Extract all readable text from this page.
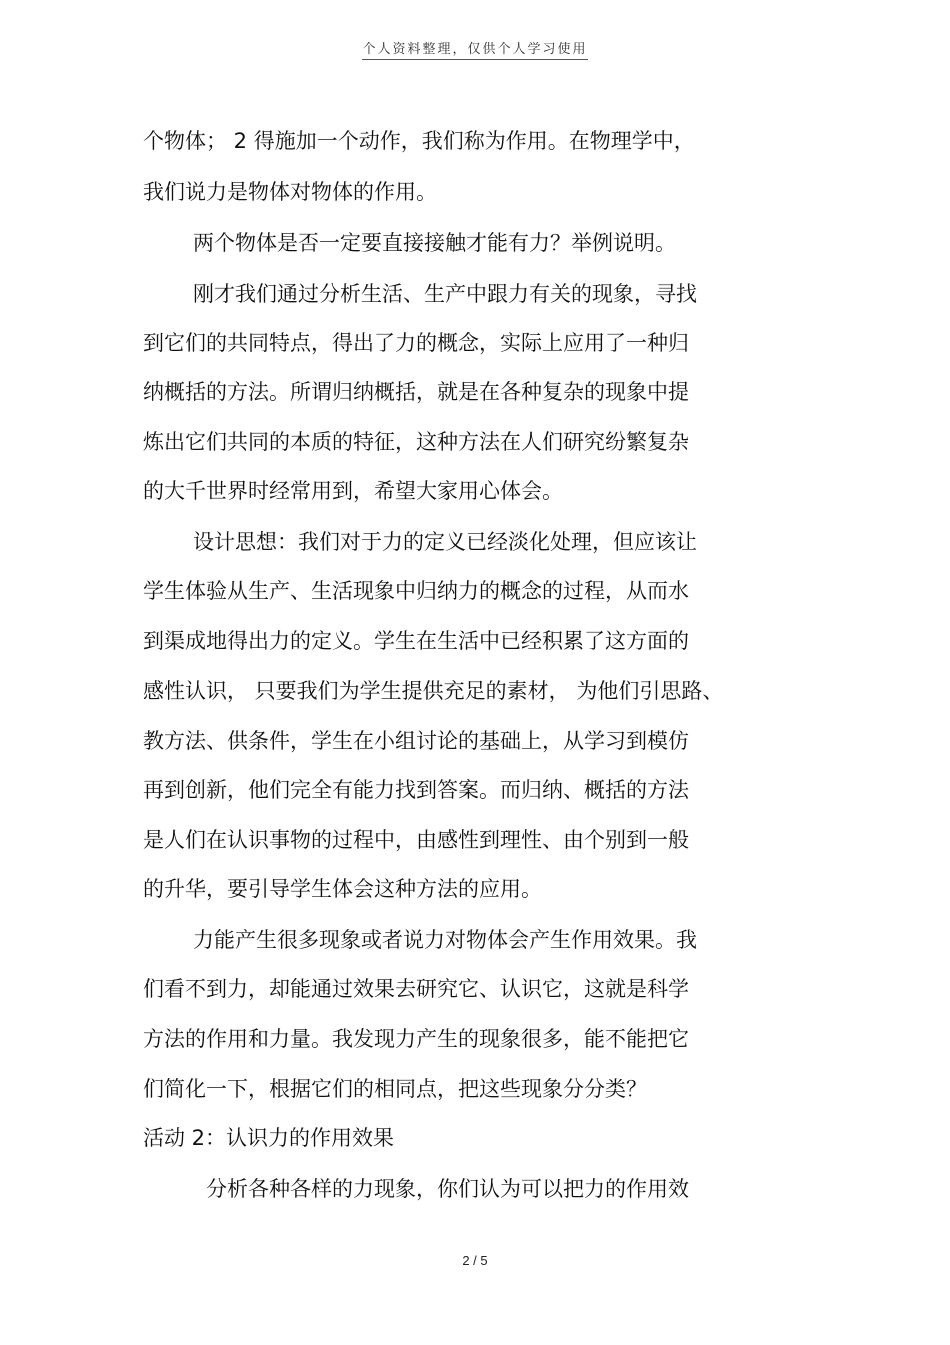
个人资料整理，仅供个人学习使用
个物体； 2 得施加一个动作，我们称为作用。在物理学中，
我们说力是物体对物体的作用。
两个物体是否一定要直接接触才能有力？举例说明。
刚才我们通过分析生活、生产中跟力有关的现象，寻找
到它们的共同特点，得出了力的概念，实际上应用了一种归
纳概括的方法。所谓归纳概括，就是在各种复杂的现象中提
炼出它们共同的本质的特征，这种方法在人们研究纷繁复杂
的大千世界时经常用到，希望大家用心体会。
设计思想：我们对于力的定义已经淡化处理，但应该让
学生体验从生产、生活现象中归纳力的概念的过程，从而水
到渠成地得出力的定义。学生在生活中已经积累了这方面的
感性认识， 只要我们为学生提供充足的素材， 为他们引思路、
教方法、供条件，学生在小组讨论的基础上，从学习到模仿
再到创新，他们完全有能力找到答案。而归纳、概括的方法
是人们在认识事物的过程中，由感性到理性、由个别到一般
的升华，要引导学生体会这种方法的应用。
力能产生很多现象或者说力对物体会产生作用效果。我
们看不到力，却能通过效果去研究它、认识它，这就是科学
方法的作用和力量。我发现力产生的现象很多，能不能把它
们简化一下，根据它们的相同点，把这些现象分分类？
活动 2：认识力的作用效果
分析各种各样的力现象，你们认为可以把力的作用效
2 / 5
